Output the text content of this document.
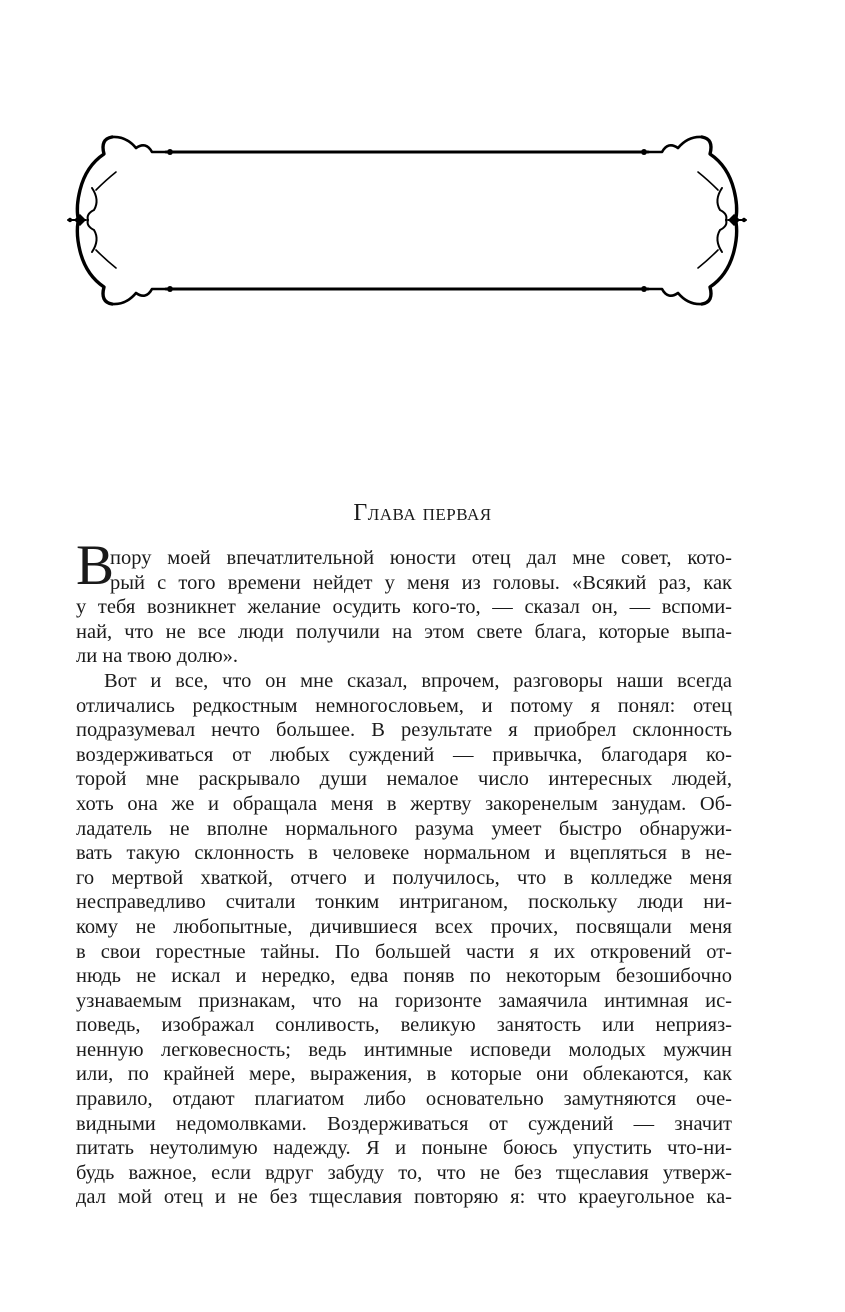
Глава первая
В
пору моей впечатлительной юности отец дал мне совет, кото-
рый с того времени нейдет у меня из головы. «Всякий раз, как
у тебя возникнет желание осудить кого-то, — сказал он, — вспоми-
най, что не все люди получили на этом свете блага, которые выпа-
ли на твою долю».
Вот и все, что он мне сказал, впрочем, разговоры наши всегда
отличались редкостным немногословьем, и потому я понял: отец
подразумевал нечто большее. В результате я приобрел склонность
воздерживаться от любых суждений — привычка, благодаря ко-
торой мне раскрывало души немалое число интересных людей,
хоть она же и обращала меня в жертву закоренелым занудам. Об-
ладатель не вполне нормального разума умеет быстро обнаружи-
вать такую склонность в человеке нормальном и вцепляться в не-
го мертвой хваткой, отчего и получилось, что в колледже меня
несправедливо считали тонким интриганом, поскольку люди ни-
кому не любопытные, дичившиеся всех прочих, посвящали меня
в свои горестные тайны. По большей части я их откровений от-
нюдь не искал и нередко, едва поняв по некоторым безошибочно
узнаваемым признакам, что на горизонте замаячила интимная ис-
поведь, изображал сонливость, великую занятость или неприяз-
ненную легковесность; ведь интимные исповеди молодых мужчин
или, по крайней мере, выражения, в которые они облекаются, как
правило, отдают плагиатом либо основательно замутняются оче-
видными недомолвками. Воздерживаться от суждений — значит
питать неутолимую надежду. Я и поныне боюсь упустить что-ни-
будь важное, если вдруг забуду то, что не без тщеславия утверж-
дал мой отец и не без тщеславия повторяю я: что краеугольное ка-
